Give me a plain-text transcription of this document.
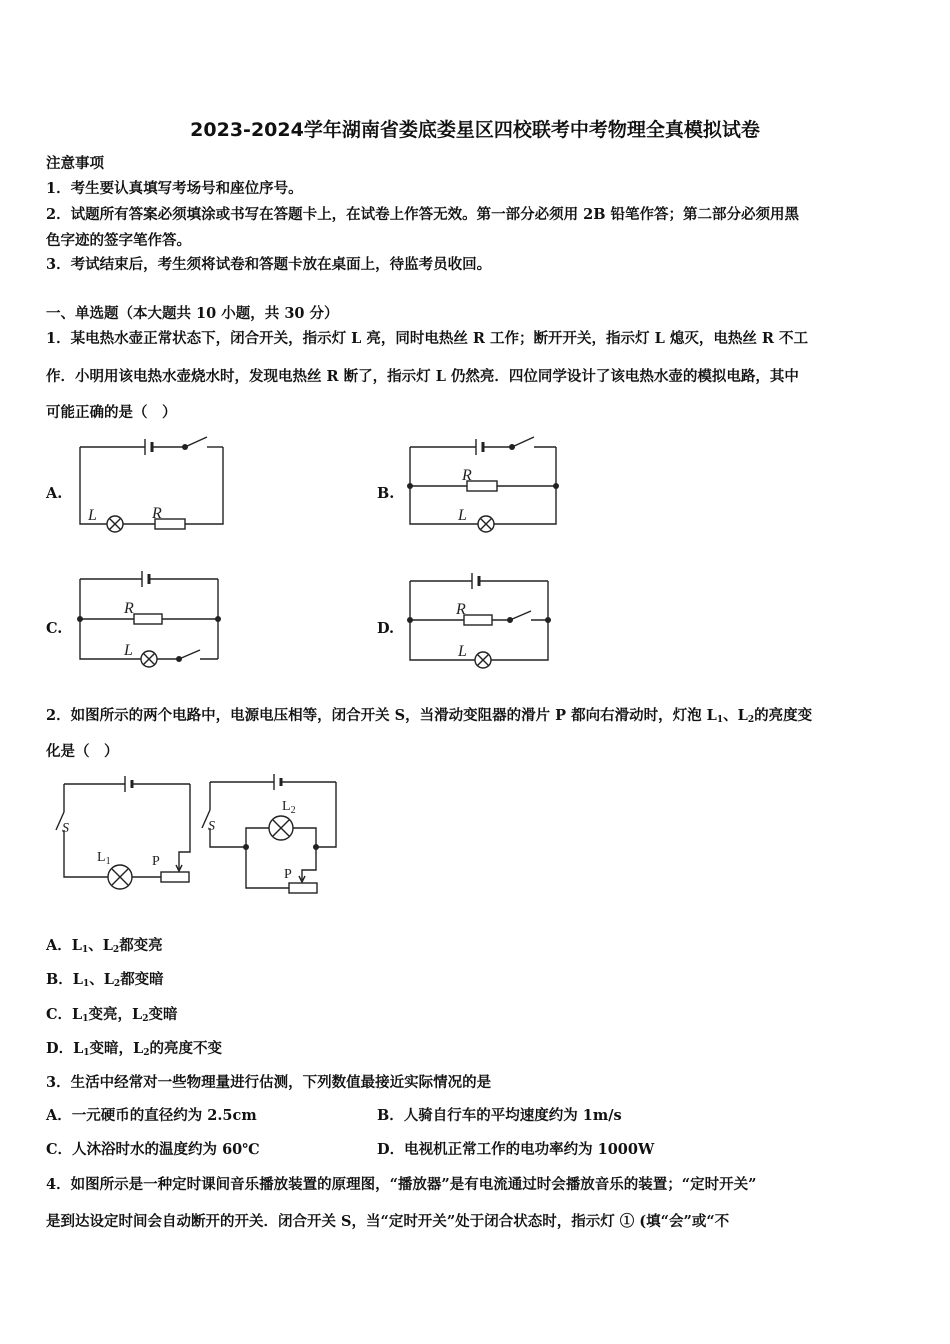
2023-2024学年湖南省娄底娄星区四校联考中考物理全真模拟试卷
注意事项
1．考生要认真填写考场号和座位序号。
2．试题所有答案必须填涂或书写在答题卡上，在试卷上作答无效。第一部分必须用 2B 铅笔作答；第二部分必须用黑
色字迹的签字笔作答。
3．考试结束后，考生须将试卷和答题卡放在桌面上，待监考员收回。
一、单选题（本大题共 10 小题，共 30 分）
1．某电热水壶正常状态下，闭合开关，指示灯 L 亮，同时电热丝 R 工作；断开开关，指示灯 L 熄灭，电热丝 R 不工
作．小明用该电热水壶烧水时，发现电热丝 R 断了，指示灯 L 仍然亮．四位同学设计了该电热水壶的模拟电路，其中
可能正确的是（　）
A.
L	R
B.
R
L
C.
R
L
D.
R
L
2．如图所示的两个电路中，电源电压相等，闭合开关 S，当滑动变阻器的滑片 P 都向右滑动时，灯泡 $L_1$、$L_2$的亮度变
化是（　）
S
$L_1$	P
S
$L_2$
P
A．$L_1$、$L_2$都变亮
B．$L_1$、$L_2$都变暗
C．$L_1$变亮，$L_2$变暗
D．$L_1$变暗，$L_2$的亮度不变
3．生活中经常对一些物理量进行估测，下列数值最接近实际情况的是
A．一元硬币的直径约为 2.5cm	B．人骑自行车的平均速度约为 1m/s
C．人沐浴时水的温度约为 60℃	D．电视机正常工作的电功率约为 1000W
4．如图所示是一种定时课间音乐播放装置的原理图，“播放器”是有电流通过时会播放音乐的装置；“定时开关”
是到达设定时间会自动断开的开关．闭合开关 S，当“定时开关”处于闭合状态时，指示灯 ① (填“会”或“不
